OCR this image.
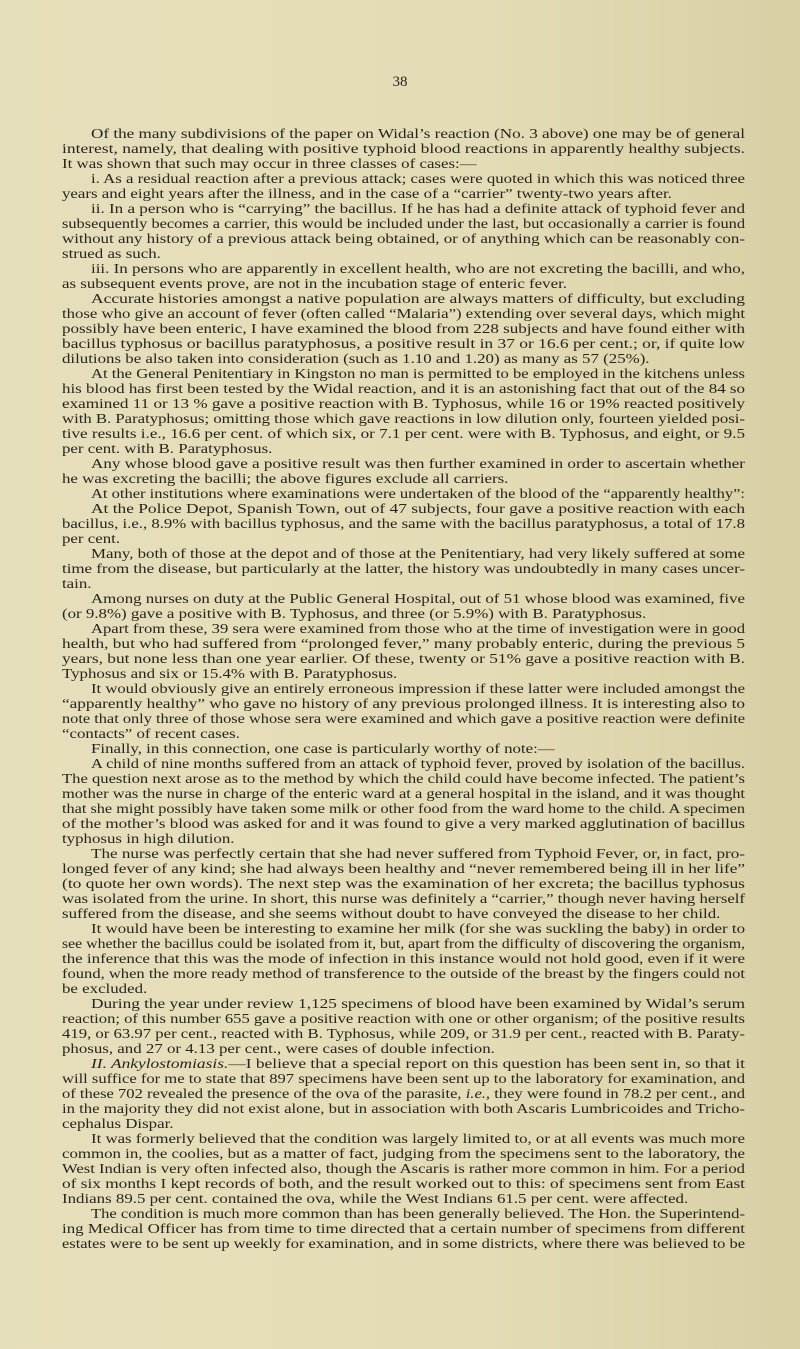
38
Of the many subdivisions of the paper on Widal’s reaction (No. 3 above) one may be of general
interest, namely, that dealing with positive typhoid blood reactions in apparently healthy subjects.
It was shown that such may occur in three classes of cases:—
i. As a residual reaction after a previous attack; cases were quoted in which this was noticed three
years and eight years after the illness, and in the case of a “carrier” twenty-two years after.
ii. In a person who is “carrying” the bacillus. If he has had a definite attack of typhoid fever and
subsequently becomes a carrier, this would be included under the last, but occasionally a carrier is found
without any history of a previous attack being obtained, or of anything which can be reasonably con-
strued as such.
iii. In persons who are apparently in excellent health, who are not excreting the bacilli, and who,
as subsequent events prove, are not in the incubation stage of enteric fever.
Accurate histories amongst a native population are always matters of difficulty, but excluding
those who give an account of fever (often called “Malaria”) extending over several days, which might
possibly have been enteric, I have examined the blood from 228 subjects and have found either with
bacillus typhosus or bacillus paratyphosus, a positive result in 37 or 16.6 per cent.; or, if quite low
dilutions be also taken into consideration (such as 1.10 and 1.20) as many as 57 (25%).
At the General Penitentiary in Kingston no man is permitted to be employed in the kitchens unless
his blood has first been tested by the Widal reaction, and it is an astonishing fact that out of the 84 so
examined 11 or 13 % gave a positive reaction with B. Typhosus, while 16 or 19% reacted positively
with B. Paratyphosus; omitting those which gave reactions in low dilution only, fourteen yielded posi-
tive results i.e., 16.6 per cent. of which six, or 7.1 per cent. were with B. Typhosus, and eight, or 9.5
per cent. with B. Paratyphosus.
Any whose blood gave a positive result was then further examined in order to ascertain whether
he was excreting the bacilli; the above figures exclude all carriers.
At other institutions where examinations were undertaken of the blood of the “apparently healthy”:
At the Police Depot, Spanish Town, out of 47 subjects, four gave a positive reaction with each
bacillus, i.e., 8.9% with bacillus typhosus, and the same with the bacillus paratyphosus, a total of 17.8
per cent.
Many, both of those at the depot and of those at the Penitentiary, had very likely suffered at some
time from the disease, but particularly at the latter, the history was undoubtedly in many cases uncer-
tain.
Among nurses on duty at the Public General Hospital, out of 51 whose blood was examined, five
(or 9.8%) gave a positive with B. Typhosus, and three (or 5.9%) with B. Paratyphosus.
Apart from these, 39 sera were examined from those who at the time of investigation were in good
health, but who had suffered from “prolonged fever,” many probably enteric, during the previous 5
years, but none less than one year earlier. Of these, twenty or 51% gave a positive reaction with B.
Typhosus and six or 15.4% with B. Paratyphosus.
It would obviously give an entirely erroneous impression if these latter were included amongst the
“apparently healthy” who gave no history of any previous prolonged illness. It is interesting also to
note that only three of those whose sera were examined and which gave a positive reaction were definite
“contacts” of recent cases.
Finally, in this connection, one case is particularly worthy of note:—
A child of nine months suffered from an attack of typhoid fever, proved by isolation of the bacillus.
The question next arose as to the method by which the child could have become infected. The patient’s
mother was the nurse in charge of the enteric ward at a general hospital in the island, and it was thought
that she might possibly have taken some milk or other food from the ward home to the child. A specimen
of the mother’s blood was asked for and it was found to give a very marked agglutination of bacillus
typhosus in high dilution.
The nurse was perfectly certain that she had never suffered from Typhoid Fever, or, in fact, pro-
longed fever of any kind; she had always been healthy and “never remembered being ill in her life”
(to quote her own words). The next step was the examination of her excreta; the bacillus typhosus
was isolated from the urine. In short, this nurse was definitely a “carrier,” though never having herself
suffered from the disease, and she seems without doubt to have conveyed the disease to her child.
It would have been be interesting to examine her milk (for she was suckling the baby) in order to
see whether the bacillus could be isolated from it, but, apart from the difficulty of discovering the organism,
the inference that this was the mode of infection in this instance would not hold good, even if it were
found, when the more ready method of transference to the outside of the breast by the fingers could not
be excluded.
During the year under review 1,125 specimens of blood have been examined by Widal’s serum
reaction; of this number 655 gave a positive reaction with one or other organism; of the positive results
419, or 63.97 per cent., reacted with B. Typhosus, while 209, or 31.9 per cent., reacted with B. Paraty-
phosus, and 27 or 4.13 per cent., were cases of double infection.
II. Ankylostomiasis.—I believe that a special report on this question has been sent in, so that it
will suffice for me to state that 897 specimens have been sent up to the laboratory for examination, and
of these 702 revealed the presence of the ova of the parasite, i.e., they were found in 78.2 per cent., and
in the majority they did not exist alone, but in association with both Ascaris Lumbricoides and Tricho-
cephalus Dispar.
It was formerly believed that the condition was largely limited to, or at all events was much more
common in, the coolies, but as a matter of fact, judging from the specimens sent to the laboratory, the
West Indian is very often infected also, though the Ascaris is rather more common in him. For a period
of six months I kept records of both, and the result worked out to this: of specimens sent from East
Indians 89.5 per cent. contained the ova, while the West Indians 61.5 per cent. were affected.
The condition is much more common than has been generally believed. The Hon. the Superintend-
ing Medical Officer has from time to time directed that a certain number of specimens from different
estates were to be sent up weekly for examination, and in some districts, where there was believed to be
